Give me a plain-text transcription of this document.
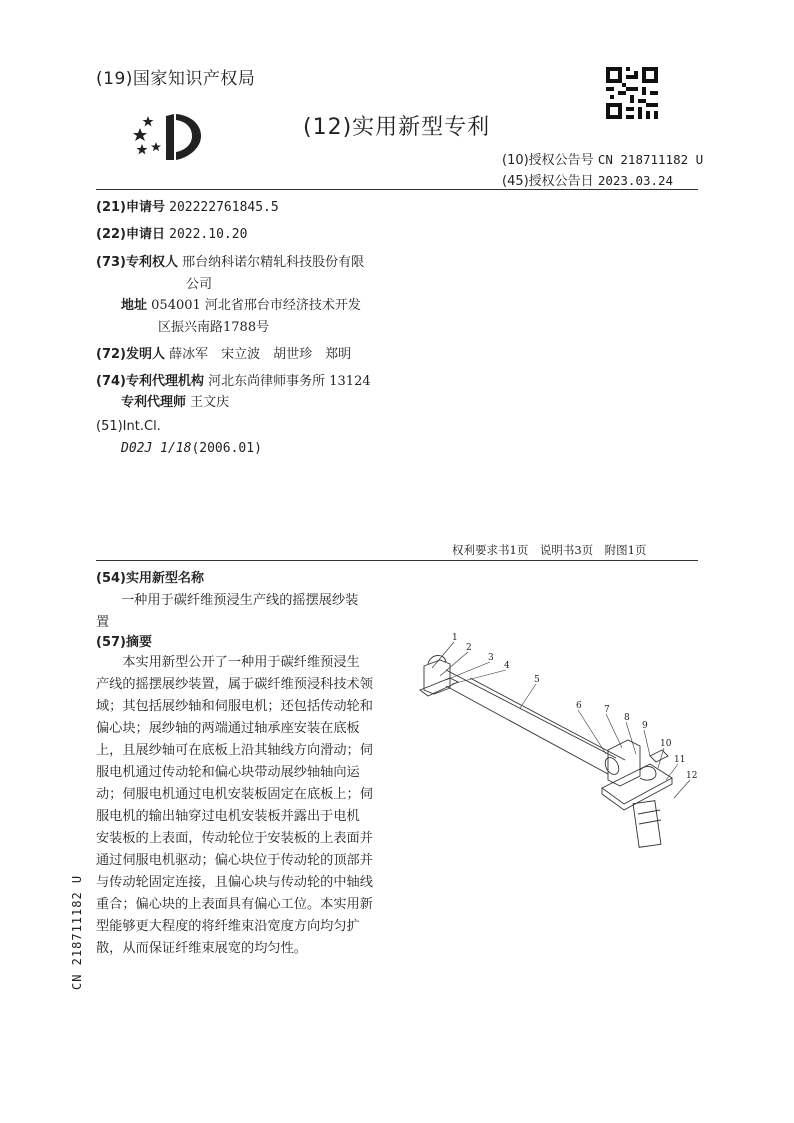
(19)国家知识产权局
(12)实用新型专利
(10)授权公告号 CN 218711182 U
(45)授权公告日 2023.03.24
(21)申请号 202222761845.5
(22)申请日 2022.10.20
(73)专利权人 邢台纳科诺尔精轧科技股份有限
公司
地址 054001 河北省邢台市经济技术开发
区振兴南路1788号
(72)发明人 薛冰军　宋立波　胡世珍　郑明
(74)专利代理机构 河北东尚律师事务所 13124
专利代理师 王文庆
(51)Int.Cl.
D02J 1/18(2006.01)
权利要求书1页　说明书3页　附图1页
(54)实用新型名称
一种用于碳纤维预浸生产线的摇摆展纱装
置
(57)摘要
　　本实用新型公开了一种用于碳纤维预浸生
产线的摇摆展纱装置，属于碳纤维预浸科技术领
域；其包括展纱轴和伺服电机；还包括传动轮和
偏心块；展纱轴的两端通过轴承座安装在底板
上，且展纱轴可在底板上沿其轴线方向滑动；伺
服电机通过传动轮和偏心块带动展纱轴轴向运
动；伺服电机通过电机安装板固定在底板上；伺
服电机的输出轴穿过电机安装板并露出于电机
安装板的上表面，传动轮位于安装板的上表面并
通过伺服电机驱动；偏心块位于传动轮的顶部并
与传动轮固定连接，且偏心块与传动轮的中轴线
重合；偏心块的上表面具有偏心工位。本实用新
型能够更大程度的将纤维束沿宽度方向均匀扩
散，从而保证纤维束展宽的均匀性。
CN 218711182 U
1
2
3
4
5
6 7
8
9
10
11
12
